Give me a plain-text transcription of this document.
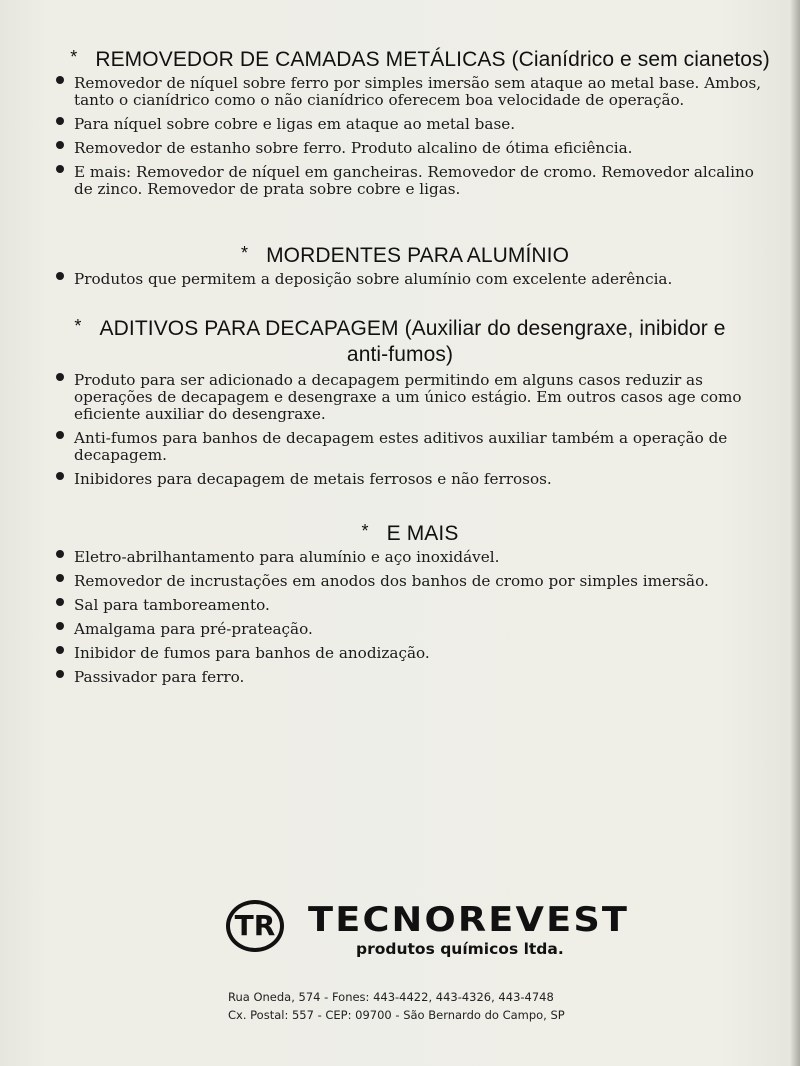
* REMOVEDOR DE CAMADAS METÁLICAS (Cianídrico e sem cianetos)
Removedor de níquel sobre ferro por simples imersão sem ataque ao metal base. Ambos, tanto o cianídrico como o não cianídrico oferecem boa velocidade de operação.
Para níquel sobre cobre e ligas em ataque ao metal base.
Removedor de estanho sobre ferro. Produto alcalino de ótima eficiência.
E mais: Removedor de níquel em gancheiras. Removedor de cromo. Removedor alcalino de zinco. Removedor de prata sobre cobre e ligas.
* MORDENTES PARA ALUMÍNIO
Produtos que permitem a deposição sobre alumínio com excelente aderência.
* ADITIVOS PARA DECAPAGEM (Auxiliar do desengraxe, inibidor e anti-fumos)
Produto para ser adicionado a decapagem permitindo em alguns casos reduzir as operações de decapagem e desengraxe a um único estágio. Em outros casos age como eficiente auxiliar do desengraxe.
Anti-fumos para banhos de decapagem estes aditivos auxiliar também a operação de decapagem.
Inibidores para decapagem de metais ferrosos e não ferrosos.
* E MAIS
Eletro-abrilhantamento para alumínio e aço inoxidável.
Removedor de incrustações em anodos dos banhos de cromo por simples imersão.
Sal para tamboreamento.
Amalgama para pré-prateação.
Inibidor de fumos para banhos de anodização.
Passivador para ferro.
TR TECNOREVEST
produtos químicos ltda.
Rua Oneda, 574 - Fones: 443-4422, 443-4326, 443-4748
Cx. Postal: 557 - CEP: 09700 - São Bernardo do Campo, SP
